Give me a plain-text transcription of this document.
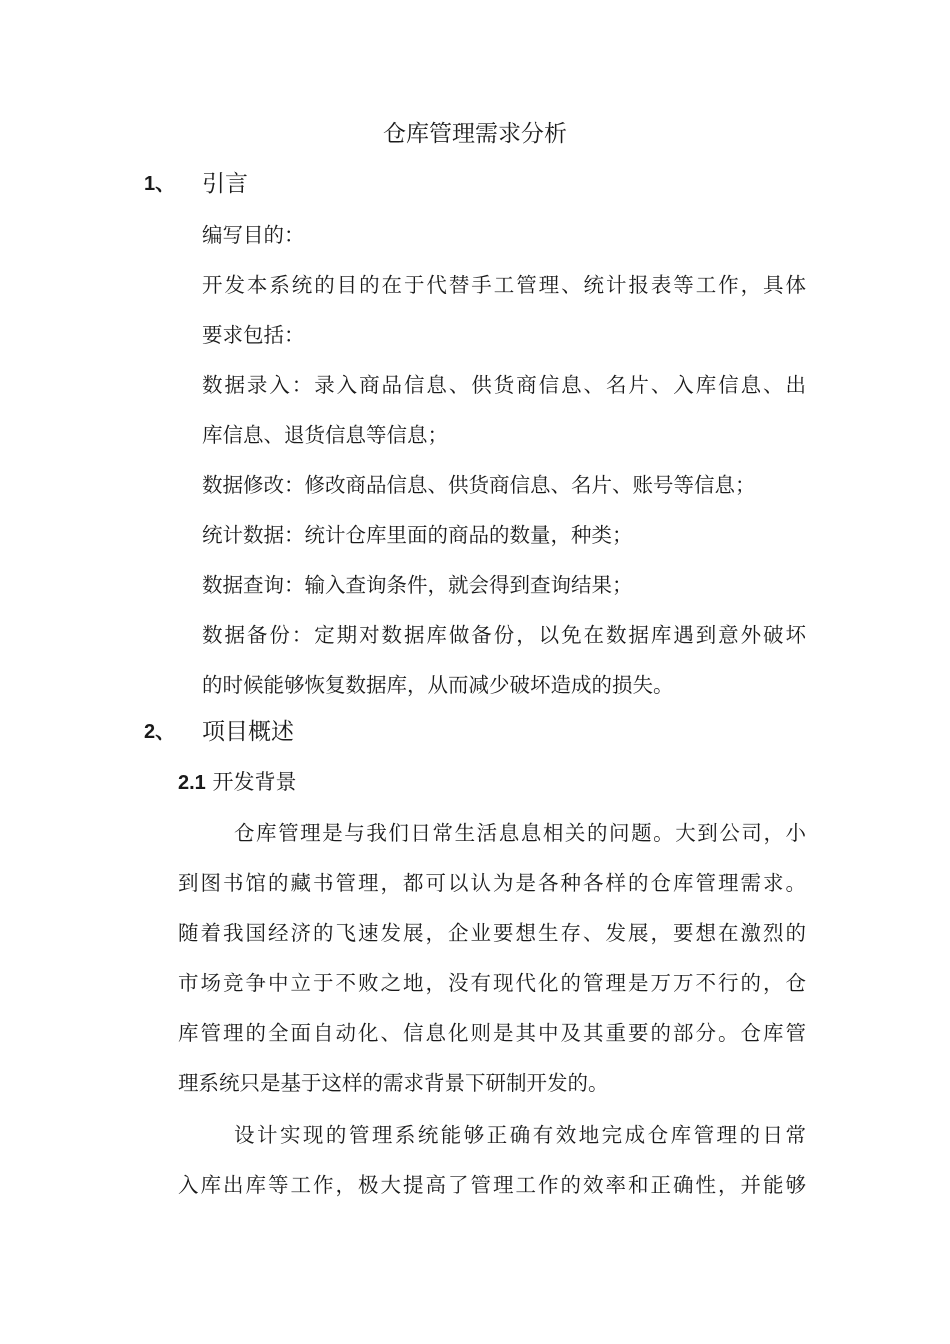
仓库管理需求分析
1、 引言
编写目的：
开发本系统的目的在于代替手工管理、统计报表等工作，具体
要求包括：
数据录入：录入商品信息、供货商信息、名片、入库信息、出
库信息、退货信息等信息；
数据修改：修改商品信息、供货商信息、名片、账号等信息；
统计数据：统计仓库里面的商品的数量，种类；
数据查询：输入查询条件，就会得到查询结果；
数据备份：定期对数据库做备份，以免在数据库遇到意外破坏
的时候能够恢复数据库，从而减少破坏造成的损失。
2、 项目概述
2.1 开发背景
仓库管理是与我们日常生活息息相关的问题。大到公司，小
到图书馆的藏书管理，都可以认为是各种各样的仓库管理需求。
随着我国经济的飞速发展，企业要想生存、发展，要想在激烈的
市场竞争中立于不败之地，没有现代化的管理是万万不行的，仓
库管理的全面自动化、信息化则是其中及其重要的部分。仓库管
理系统只是基于这样的需求背景下研制开发的。
设计实现的管理系统能够正确有效地完成仓库管理的日常
入库出库等工作，极大提高了管理工作的效率和正确性，并能够
